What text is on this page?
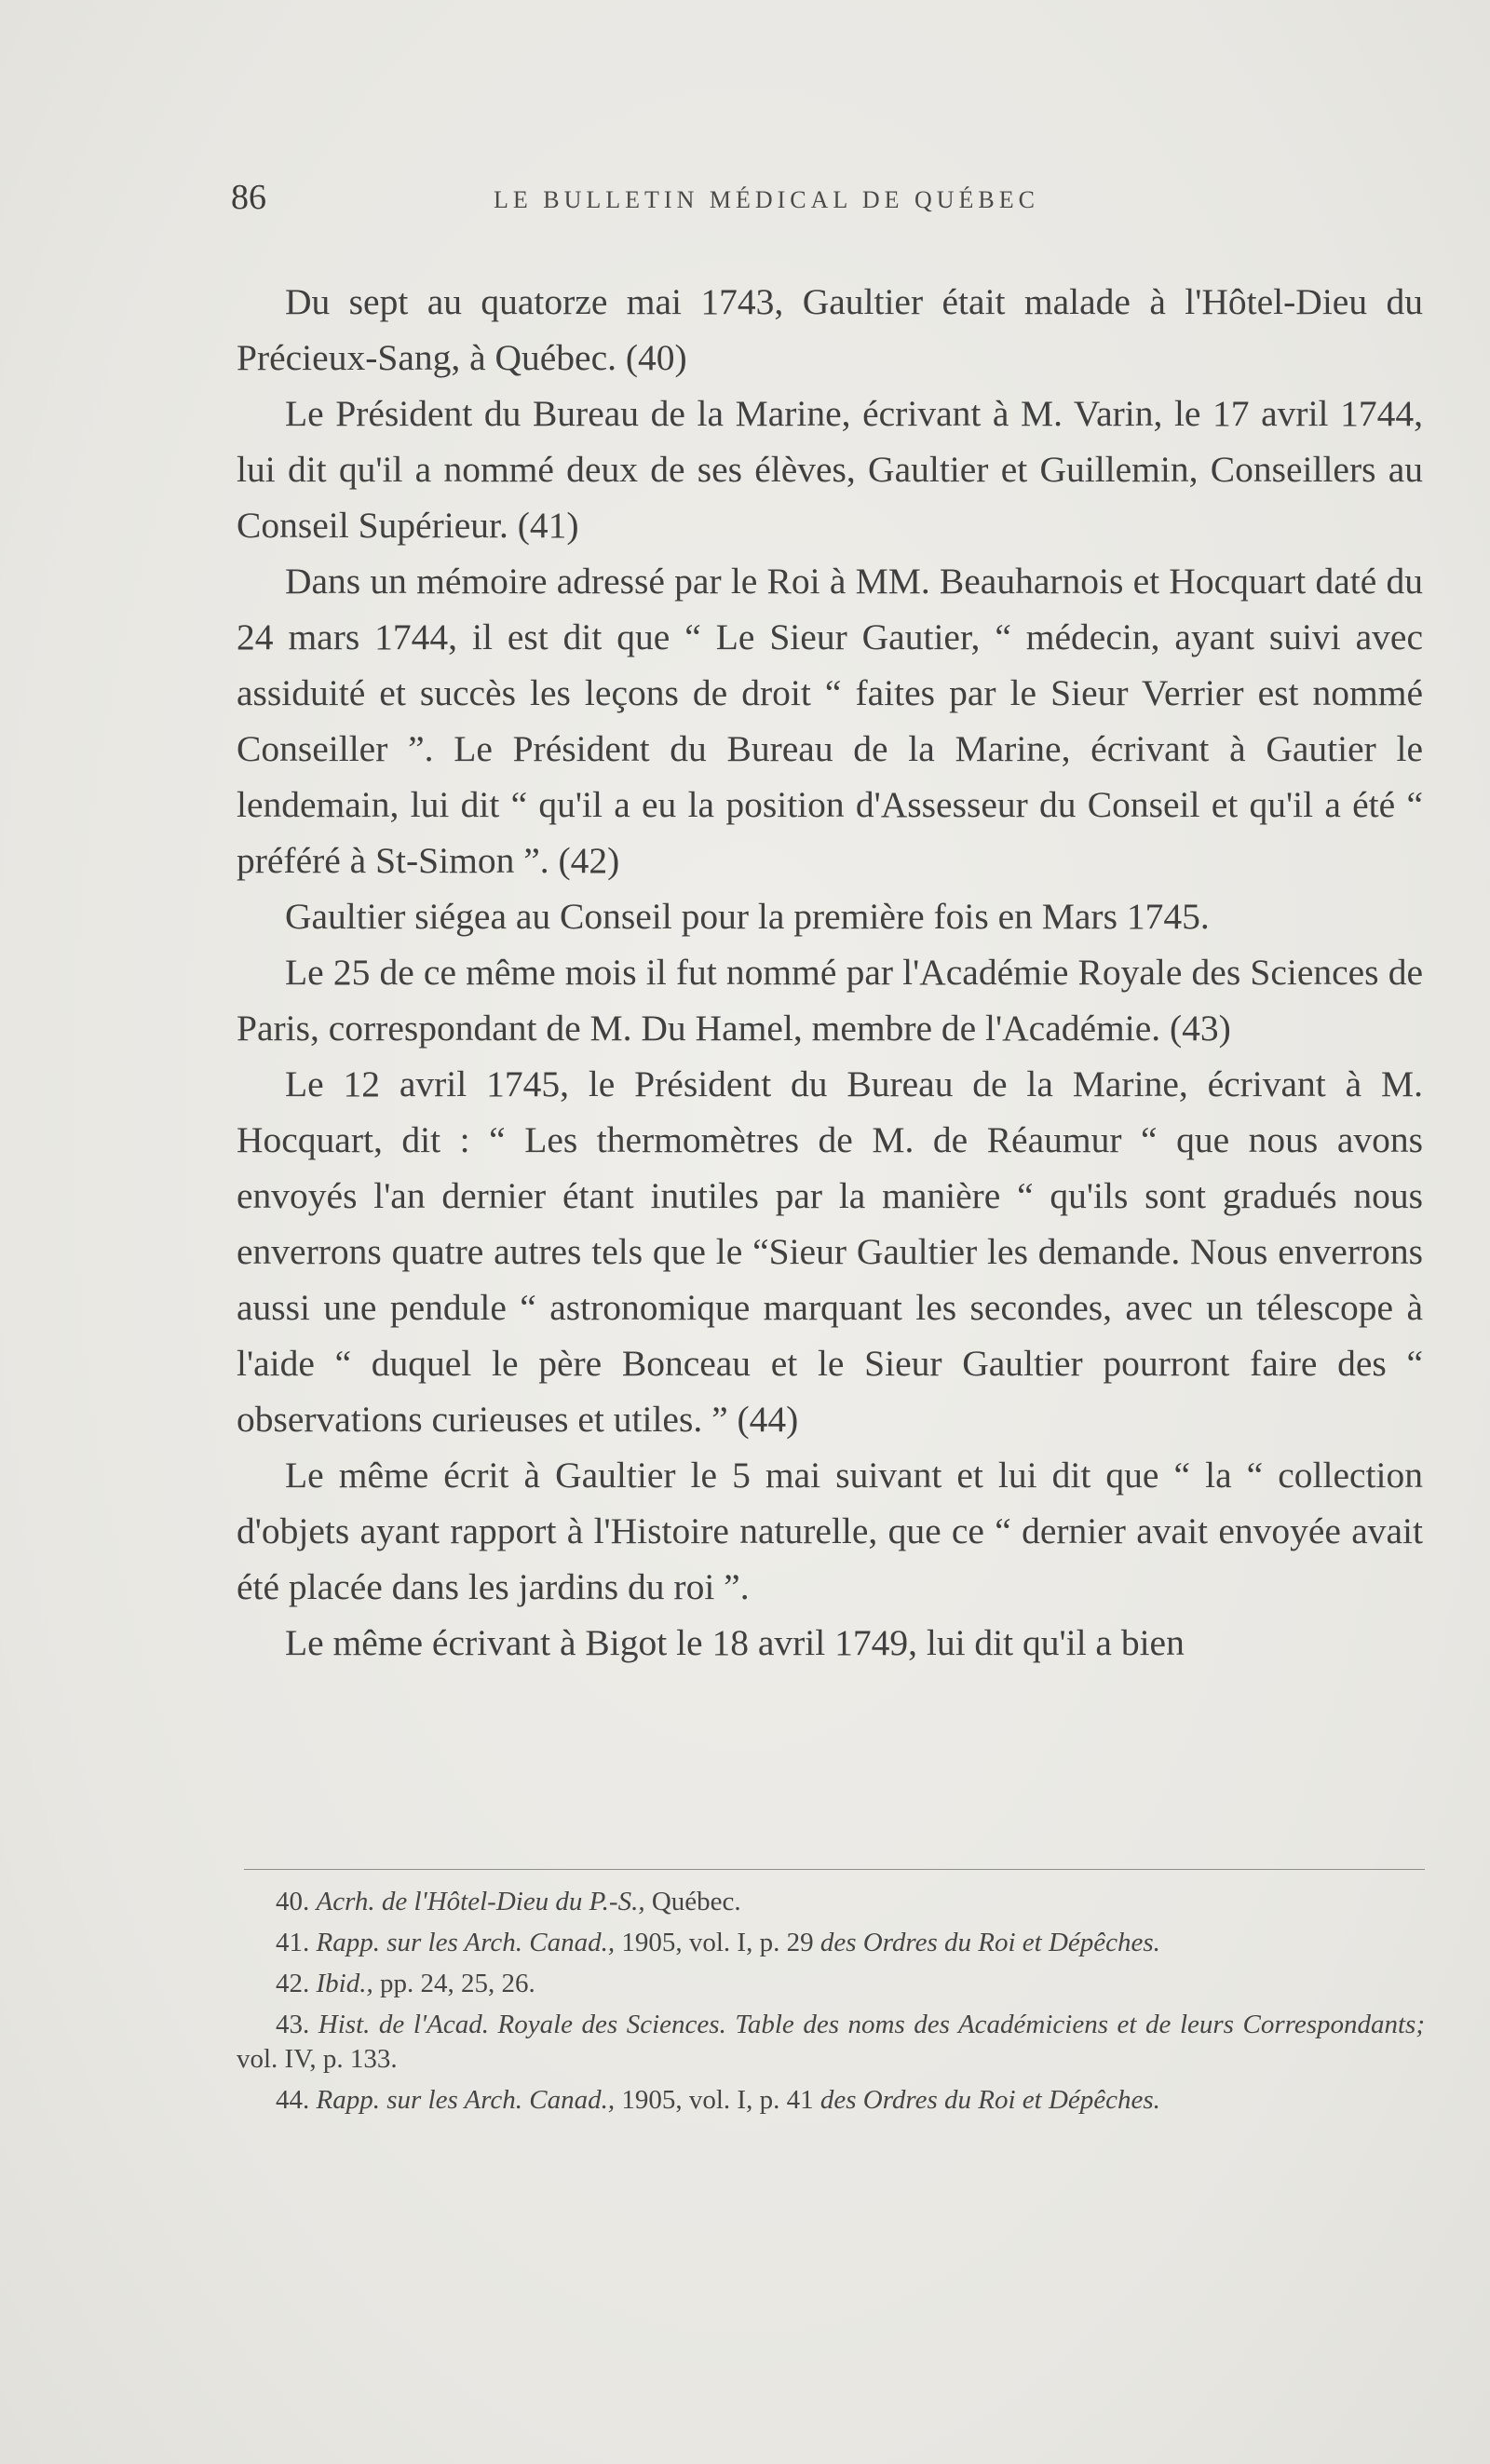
86	LE BULLETIN MÉDICAL DE QUÉBEC

Du sept au quatorze mai 1743, Gaultier était malade à l'Hôtel-Dieu du Précieux-Sang, à Québec. (40)

Le Président du Bureau de la Marine, écrivant à M. Varin, le 17 avril 1744, lui dit qu'il a nommé deux de ses élèves, Gaultier et Guillemin, Conseillers au Conseil Supérieur. (41)

Dans un mémoire adressé par le Roi à MM. Beauharnois et Hocquart daté du 24 mars 1744, il est dit que “ Le Sieur Gautier, “ médecin, ayant suivi avec assiduité et succès les leçons de droit “ faites par le Sieur Verrier est nommé Conseiller ”. Le Président du Bureau de la Marine, écrivant à Gautier le lendemain, lui dit “ qu'il a eu la position d'Assesseur du Conseil et qu'il a été “ préféré à St-Simon ”. (42)

Gaultier siégea au Conseil pour la première fois en Mars 1745.

Le 25 de ce même mois il fut nommé par l'Académie Royale des Sciences de Paris, correspondant de M. Du Hamel, membre de l'Académie. (43)

Le 12 avril 1745, le Président du Bureau de la Marine, écrivant à M. Hocquart, dit : “ Les thermomètres de M. de Réaumur “ que nous avons envoyés l'an dernier étant inutiles par la manière “ qu'ils sont gradués nous enverrons quatre autres tels que le “Sieur Gaultier les demande. Nous enverrons aussi une pendule “ astronomique marquant les secondes, avec un télescope à l'aide “ duquel le père Bonceau et le Sieur Gaultier pourront faire des “ observations curieuses et utiles. ” (44)

Le même écrit à Gaultier le 5 mai suivant et lui dit que “ la “ collection d'objets ayant rapport à l'Histoire naturelle, que ce “ dernier avait envoyée avait été placée dans les jardins du roi ”.

Le même écrivant à Bigot le 18 avril 1749, lui dit qu'il a bien

40. Acrh. de l'Hôtel-Dieu du P.-S., Québec.

41. Rapp. sur les Arch. Canad., 1905, vol. I, p. 29 des Ordres du Roi et Dépêches.

42. Ibid., pp. 24, 25, 26.

43. Hist. de l'Acad. Royale des Sciences. Table des noms des Académiciens et de leurs Correspondants; vol. IV, p. 133.

44. Rapp. sur les Arch. Canad., 1905, vol. I, p. 41 des Ordres du Roi et Dépêches.
